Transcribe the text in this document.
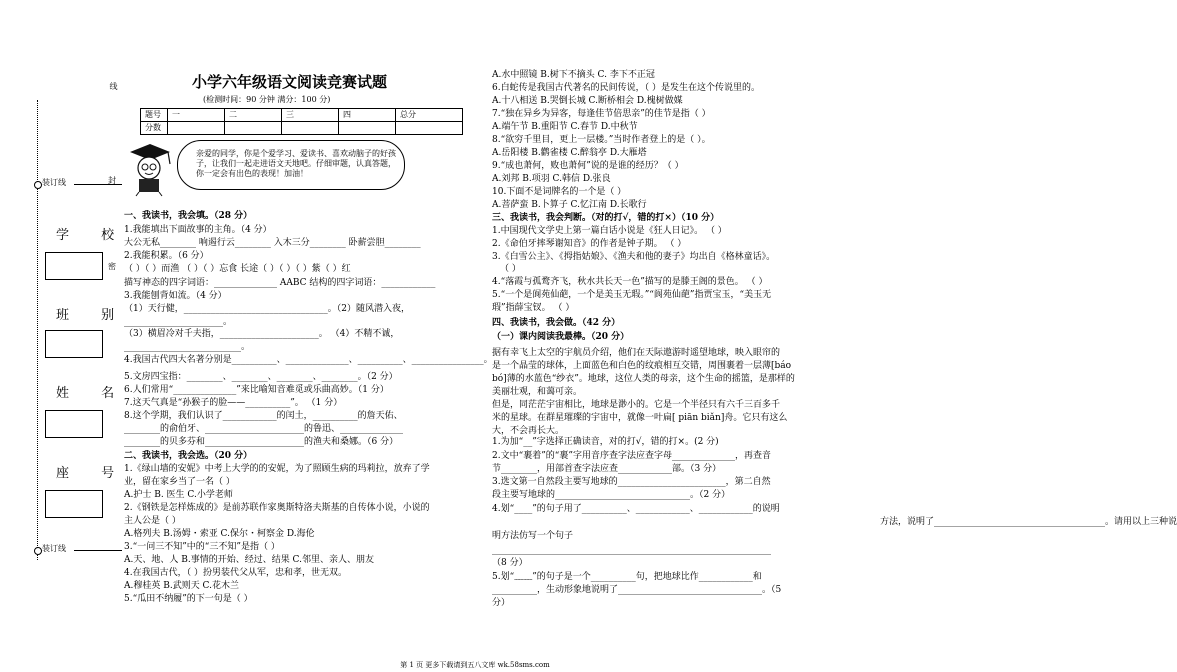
线
装订线	封
密
学 校
班 别
姓 名
座 号
装订线
小学六年级语文阅读竞赛试题
(检测时间：90 分钟 满分：100 分)
题号	一	二	三	四	总分
分数					
亲爱的同学，你是个爱学习、爱读书、喜欢动脑子的好孩
子，让我们一起走进语文天地吧。仔细审题，认真答题，
你一定会有出色的表现！加油！
一、我读书，我会填。（28 分）
1.我能填出下面故事的主角。（4 分）
大公无私________ 响遏行云________ 入木三分________ 卧薪尝胆________
2.我能积累。（6 分）
（ ）（ ）而渔 （ ）（ ）忘食 长途（ ）（ ）（ ）紫（ ）红
描写神态的四字词语：______________ AABC 结构的四字词语：____________
3.我能刨背如流。（4 分）
（1）天行健，________________________________。（2）随风潜入夜，
______________________。
（3）横眉冷对千夫指，______________________。 （4）不精不诚，
__________________________。
4.我国古代四大名著分别是__________、______________、__________、________________。
5.文房四宝指：________、________、________、________。（2 分）
6.人们常用“______________”来比喻知音难觅或乐曲高妙。（1 分）
7.这天气真是“孙猴子的脸——__________”。 （1 分）
8.这个学期，我们认识了____________的闰土，__________的詹天佑、
________的俞伯牙、______________________的鲁迅、______________
________的贝多芬和______________________的渔夫和桑娜。（6 分）
二、我读书，我会选。（20 分）
1.《绿山墙的安妮》中考上大学的的安妮，为了照顾生病的玛莉拉，放弃了学
业，留在家乡当了一名（ ）
A.护士 B. 医生 C.小学老师
2.《钢铁是怎样炼成的》是前苏联作家奥斯特洛夫斯基的自传体小说，小说的
主人公是（ ）
A.格列夫 B.汤姆・索亚 C.保尔・柯察金 D.海伦
3.“一问三不知”中的“三不知”是指（ ）
A.天、地、人 B.事情的开始、经过、结果 C.邻里、亲人、朋友
4.在我国古代，（ ）扮男装代父从军，忠和孝，世无双。
A.穆桂英 B.武则天 C.花木兰
5.“瓜田不纳履”的下一句是（ ）
A.水中照镜 B.树下不摘头 C. 李下不正冠
6.白蛇传是我国古代著名的民间传说，（ ）是发生在这个传说里的。
A.十八相送 B.哭倒长城 C.断桥相会 D.槐树做媒
7.“独在异乡为异客，每逢佳节倍思亲”的佳节是指（ ）
A.端午节 B.重阳节 C.春节 D.中秋节
8.“欲穷千里目，更上一层楼。”当时作者登上的是（ ）。
A.岳阳楼 B.鹳雀楼 C.醉翁亭 D.大雁塔
9.“成也萧何，败也萧何”说的是谁的经历？（ ）
A.刘邦 B.项羽 C.韩信 D.张良
10.下面不是词牌名的一个是（ ）
A.菩萨蛮 B.卜算子 C.忆江南 D.长歌行
三、我读书，我会判断。（对的打√，错的打×）（10 分）
1.中国现代文学史上第一篇白话小说是《狂人日记》。 （ ）
2.《命伯牙摔琴谢知音》的作者是钟子期。 （ ）
3.《白雪公主》、《拇指姑娘》、《渔夫和他的妻子》均出自《格林童话》。
（ ）
4.“落霞与孤鹜齐飞，秋水共长天一色”描写的是滕王阁的景色。 （ ）
5.“一个是阆苑仙葩，一个是美玉无瑕。”“阆苑仙葩”指贾宝玉，“美玉无
瑕”指薛宝钗。 （ ）
四、我读书，我会做。（42 分）
（一）课内阅读我最棒。（20 分）
据有幸飞上太空的宇航员介绍，他们在天际遨游时遥望地球，映入眼帘的
是一个晶莹的球体，上面蓝色和白色的纹痕相互交错，周围裹着一层薄[báo
bó]薄的水蓝色“纱衣”。地球，这位人类的母亲，这个生命的摇篮，是那样的
美丽壮观，和蔼可亲。
但是，同茫茫宇宙相比，地球是渺小的。它是一个半径只有六千三百多千
米的星球。在群星璀璨的宇宙中，就像一叶扁[ piān biǎn]舟。它只有这么
大，不会再长大。
1.为加“__”字选择正确读音，对的打√，错的打×。(2 分)
2.文中“裹着”的“裹”字用音序查字法应查字母______________，再查音
节________，用部首查字法应查____________部。（3 分）
3.选文第一自然段主要写地球的________________________，第二自然
段主要写地球的______________________________。（2 分）
4.划“____”的句子用了__________、____________、____________的说明
方法，说明了______________________________________。请用以上三种说
明方法仿写一个句子
______________________________________________________________
（8 分）
5.划“﹏﹏”的句子是一个__________句，把地球比作____________和
__________，生动形象地说明了________________________________。（5
分）
第 1 页 更多下载请到五八文库 wk.58sms.com
